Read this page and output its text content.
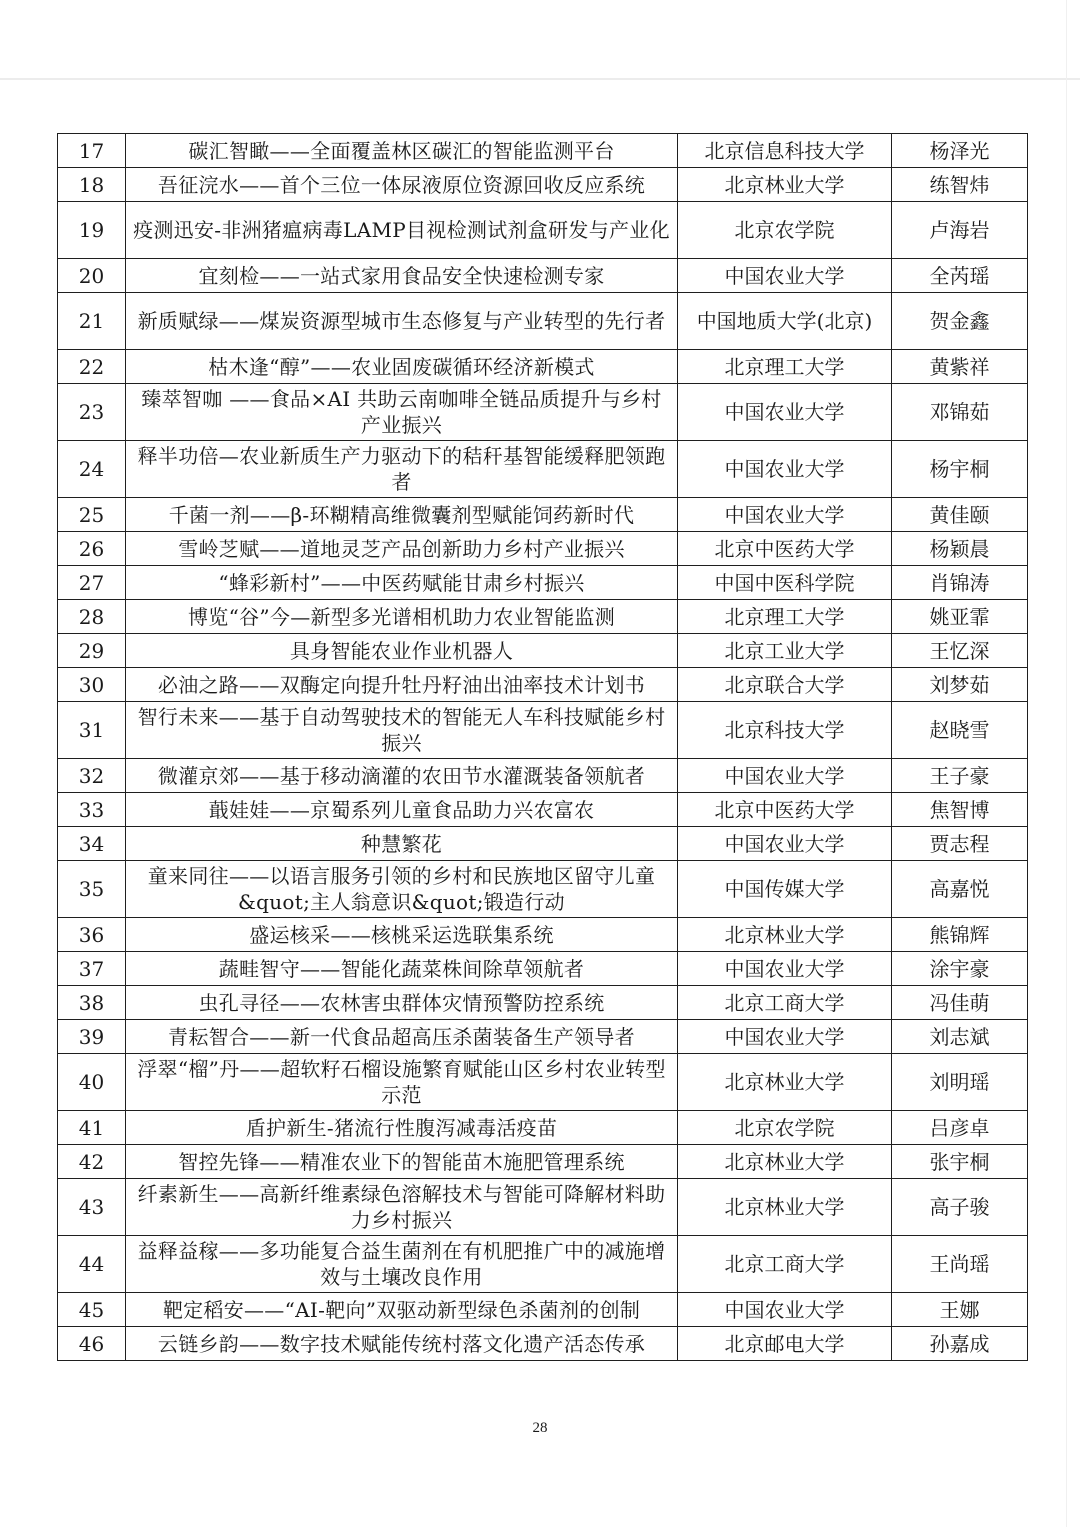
17	碳汇智瞰——全面覆盖林区碳汇的智能监测平台	北京信息科技大学	杨泽光
18	吾征浣水——首个三位一体尿液原位资源回收反应系统	北京林业大学	练智炜
19	疫测迅安-非洲猪瘟病毒LAMP目视检测试剂盒研发与产业化	北京农学院	卢海岩
20	宜刻检——一站式家用食品安全快速检测专家	中国农业大学	全芮瑶
21	新质赋绿——煤炭资源型城市生态修复与产业转型的先行者	中国地质大学(北京)	贺金鑫
22	枯木逢“醇”——农业固废碳循环经济新模式	北京理工大学	黄紫祥
23	臻萃智咖 ——食品×AI 共助云南咖啡全链品质提升与乡村产业振兴	中国农业大学	邓锦茹
24	释半功倍—农业新质生产力驱动下的秸秆基智能缓释肥领跑者	中国农业大学	杨宇桐
25	千菌一剂——β-环糊精高维微囊剂型赋能饲药新时代	中国农业大学	黄佳颐
26	雪岭芝赋——道地灵芝产品创新助力乡村产业振兴	北京中医药大学	杨颖晨
27	“蜂彩新村”——中医药赋能甘肃乡村振兴	中国中医科学院	肖锦涛
28	博览“谷”今—新型多光谱相机助力农业智能监测	北京理工大学	姚亚霏
29	具身智能农业作业机器人	北京工业大学	王忆深
30	必油之路——双酶定向提升牡丹籽油出油率技术计划书	北京联合大学	刘梦茹
31	智行未来——基于自动驾驶技术的智能无人车科技赋能乡村振兴	北京科技大学	赵晓雪
32	微灌京郊——基于移动滴灌的农田节水灌溉装备领航者	中国农业大学	王子豪
33	蕺娃娃——京蜀系列儿童食品助力兴农富农	北京中医药大学	焦智博
34	种慧繁花	中国农业大学	贾志程
35	童来同往——以语言服务引领的乡村和民族地区留守儿童&quot;主人翁意识&quot;锻造行动	中国传媒大学	高嘉悦
36	盛运核采——核桃采运选联集系统	北京林业大学	熊锦辉
37	蔬畦智守——智能化蔬菜株间除草领航者	中国农业大学	涂宇豪
38	虫孔寻径——农林害虫群体灾情预警防控系统	北京工商大学	冯佳萌
39	青耘智合——新一代食品超高压杀菌装备生产领导者	中国农业大学	刘志斌
40	浮翠“榴”丹——超软籽石榴设施繁育赋能山区乡村农业转型示范	北京林业大学	刘明瑶
41	盾护新生-猪流行性腹泻减毒活疫苗	北京农学院	吕彦卓
42	智控先锋——精准农业下的智能苗木施肥管理系统	北京林业大学	张宇桐
43	纤素新生——高新纤维素绿色溶解技术与智能可降解材料助力乡村振兴	北京林业大学	高子骏
44	益释益稼——多功能复合益生菌剂在有机肥推广中的减施增效与土壤改良作用	北京工商大学	王尚瑶
45	靶定稻安——“AI-靶向”双驱动新型绿色杀菌剂的创制	中国农业大学	王娜
46	云链乡韵——数字技术赋能传统村落文化遗产活态传承	北京邮电大学	孙嘉成
28
